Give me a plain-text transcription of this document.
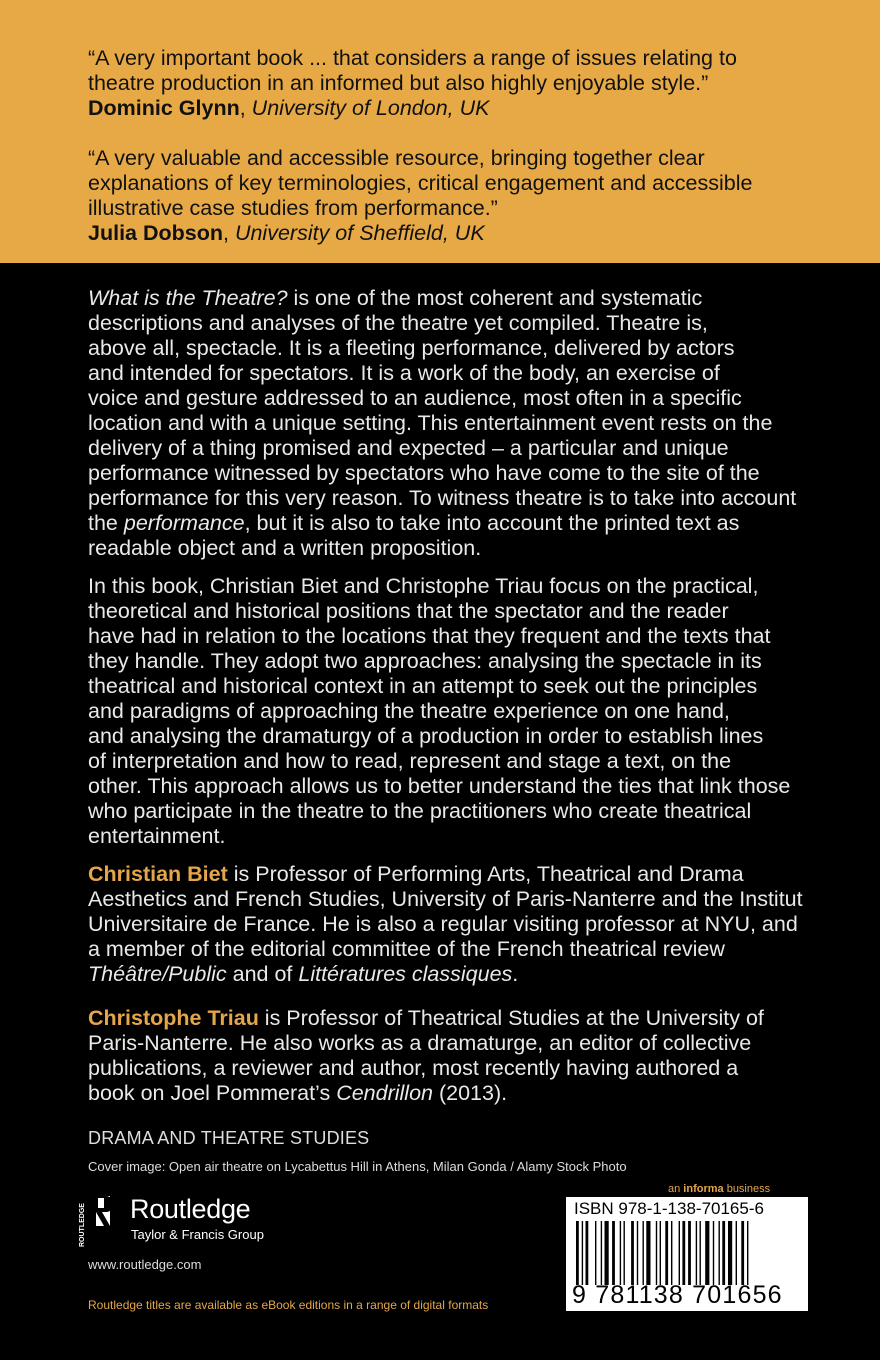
“A very important book ... that considers a range of issues relating to
theatre production in an informed but also highly enjoyable style.”
Dominic Glynn, University of London, UK
“A very valuable and accessible resource, bringing together clear
explanations of key terminologies, critical engagement and accessible
illustrative case studies from performance.”
Julia Dobson, University of Sheffield, UK
What is the Theatre? is one of the most coherent and systematic
descriptions and analyses of the theatre yet compiled. Theatre is,
above all, spectacle. It is a fleeting performance, delivered by actors
and intended for spectators. It is a work of the body, an exercise of
voice and gesture addressed to an audience, most often in a specific
location and with a unique setting. This entertainment event rests on the
delivery of a thing promised and expected – a particular and unique
performance witnessed by spectators who have come to the site of the
performance for this very reason. To witness theatre is to take into account
the performance, but it is also to take into account the printed text as
readable object and a written proposition.
In this book, Christian Biet and Christophe Triau focus on the practical,
theoretical and historical positions that the spectator and the reader
have had in relation to the locations that they frequent and the texts that
they handle. They adopt two approaches: analysing the spectacle in its
theatrical and historical context in an attempt to seek out the principles
and paradigms of approaching the theatre experience on one hand,
and analysing the dramaturgy of a production in order to establish lines
of interpretation and how to read, represent and stage a text, on the
other. This approach allows us to better understand the ties that link those
who participate in the theatre to the practitioners who create theatrical
entertainment.
Christian Biet is Professor of Performing Arts, Theatrical and Drama
Aesthetics and French Studies, University of Paris-Nanterre and the Institut
Universitaire de France. He is also a regular visiting professor at NYU, and
a member of the editorial committee of the French theatrical review
Théâtre/Public and of Littératures classiques.
Christophe Triau is Professor of Theatrical Studies at the University of
Paris-Nanterre. He also works as a dramaturge, an editor of collective
publications, a reviewer and author, most recently having authored a
book on Joel Pommerat’s Cendrillon (2013).
DRAMA AND THEATRE STUDIES
Cover image: Open air theatre on Lycabettus Hill in Athens, Milan Gonda / Alamy Stock Photo
ROUTLEDGE Routledge
Taylor & Francis Group
www.routledge.com
Routledge titles are available as eBook editions in a range of digital formats
an informa business
ISBN 978-1-138-70165-6
9 781138 701656
